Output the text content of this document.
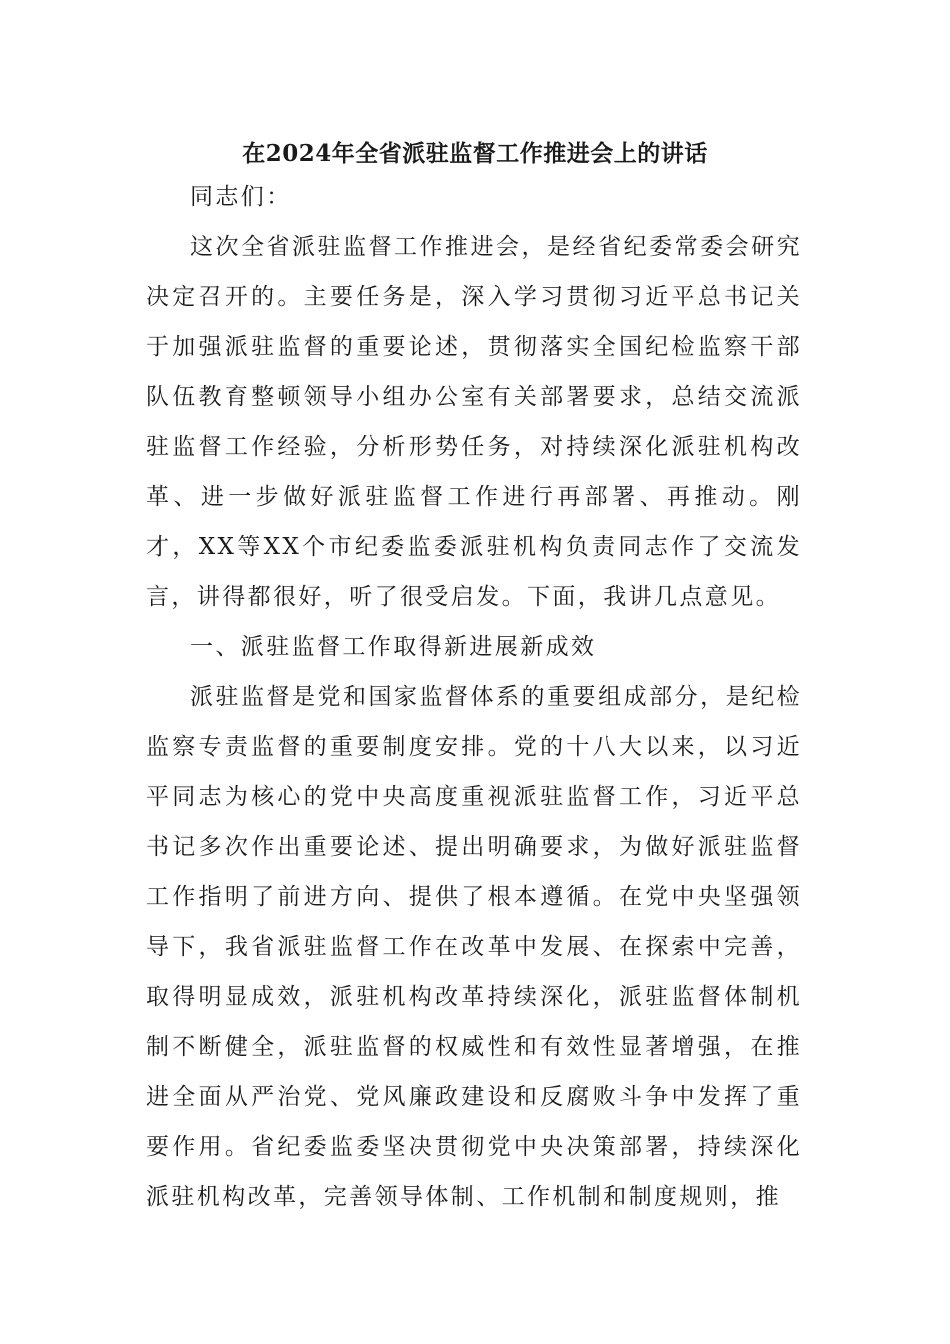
在2024年全省派驻监督工作推进会上的讲话

同志们：

这次全省派驻监督工作推进会，是经省纪委常委会研究决定召开的。主要任务是，深入学习贯彻习近平总书记关于加强派驻监督的重要论述，贯彻落实全国纪检监察干部队伍教育整顿领导小组办公室有关部署要求，总结交流派驻监督工作经验，分析形势任务，对持续深化派驻机构改革、进一步做好派驻监督工作进行再部署、再推动。刚才，XX等XX个市纪委监委派驻机构负责同志作了交流发言，讲得都很好，听了很受启发。下面，我讲几点意见。

一、派驻监督工作取得新进展新成效

派驻监督是党和国家监督体系的重要组成部分，是纪检监察专责监督的重要制度安排。党的十八大以来，以习近平同志为核心的党中央高度重视派驻监督工作，习近平总书记多次作出重要论述、提出明确要求，为做好派驻监督工作指明了前进方向、提供了根本遵循。在党中央坚强领导下，我省派驻监督工作在改革中发展、在探索中完善，取得明显成效，派驻机构改革持续深化，派驻监督体制机制不断健全，派驻监督的权威性和有效性显著增强，在推进全面从严治党、党风廉政建设和反腐败斗争中发挥了重要作用。省纪委监委坚决贯彻党中央决策部署，持续深化派驻机构改革，完善领导体制、工作机制和制度规则，推
